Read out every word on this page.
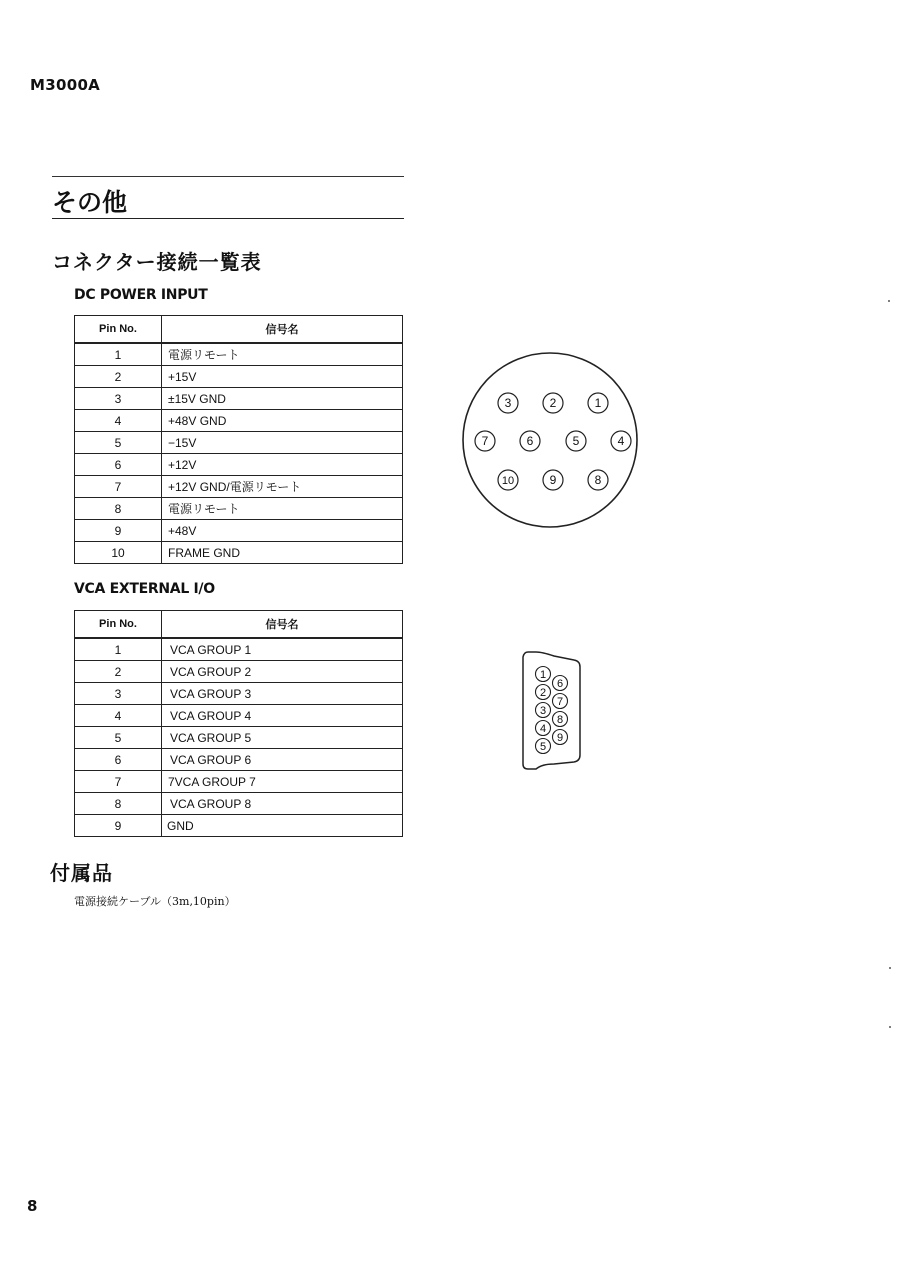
M3000A
その他
コネクター接続一覧表
DC POWER INPUT
Pin No.	信号名
1	電源リモート
2	+15V
3	±15V GND
4	+48V GND
5	−15V
6	+12V
7	+12V GND/電源リモート
8	電源リモート
9	+48V
10	FRAME GND
3	2	1
7	6	5	4
10	9	8
VCA EXTERNAL I/O
Pin No.	信号名
1	VCA GROUP 1
2	VCA GROUP 2
3	VCA GROUP 3
4	VCA GROUP 4
5	VCA GROUP 5
6	VCA GROUP 6
7	7VCA GROUP 7
8	VCA GROUP 8
9	GND
1
2
3
4
5
6
7
8
9
付属品
電源接続ケーブル（3m,10pin）
8
